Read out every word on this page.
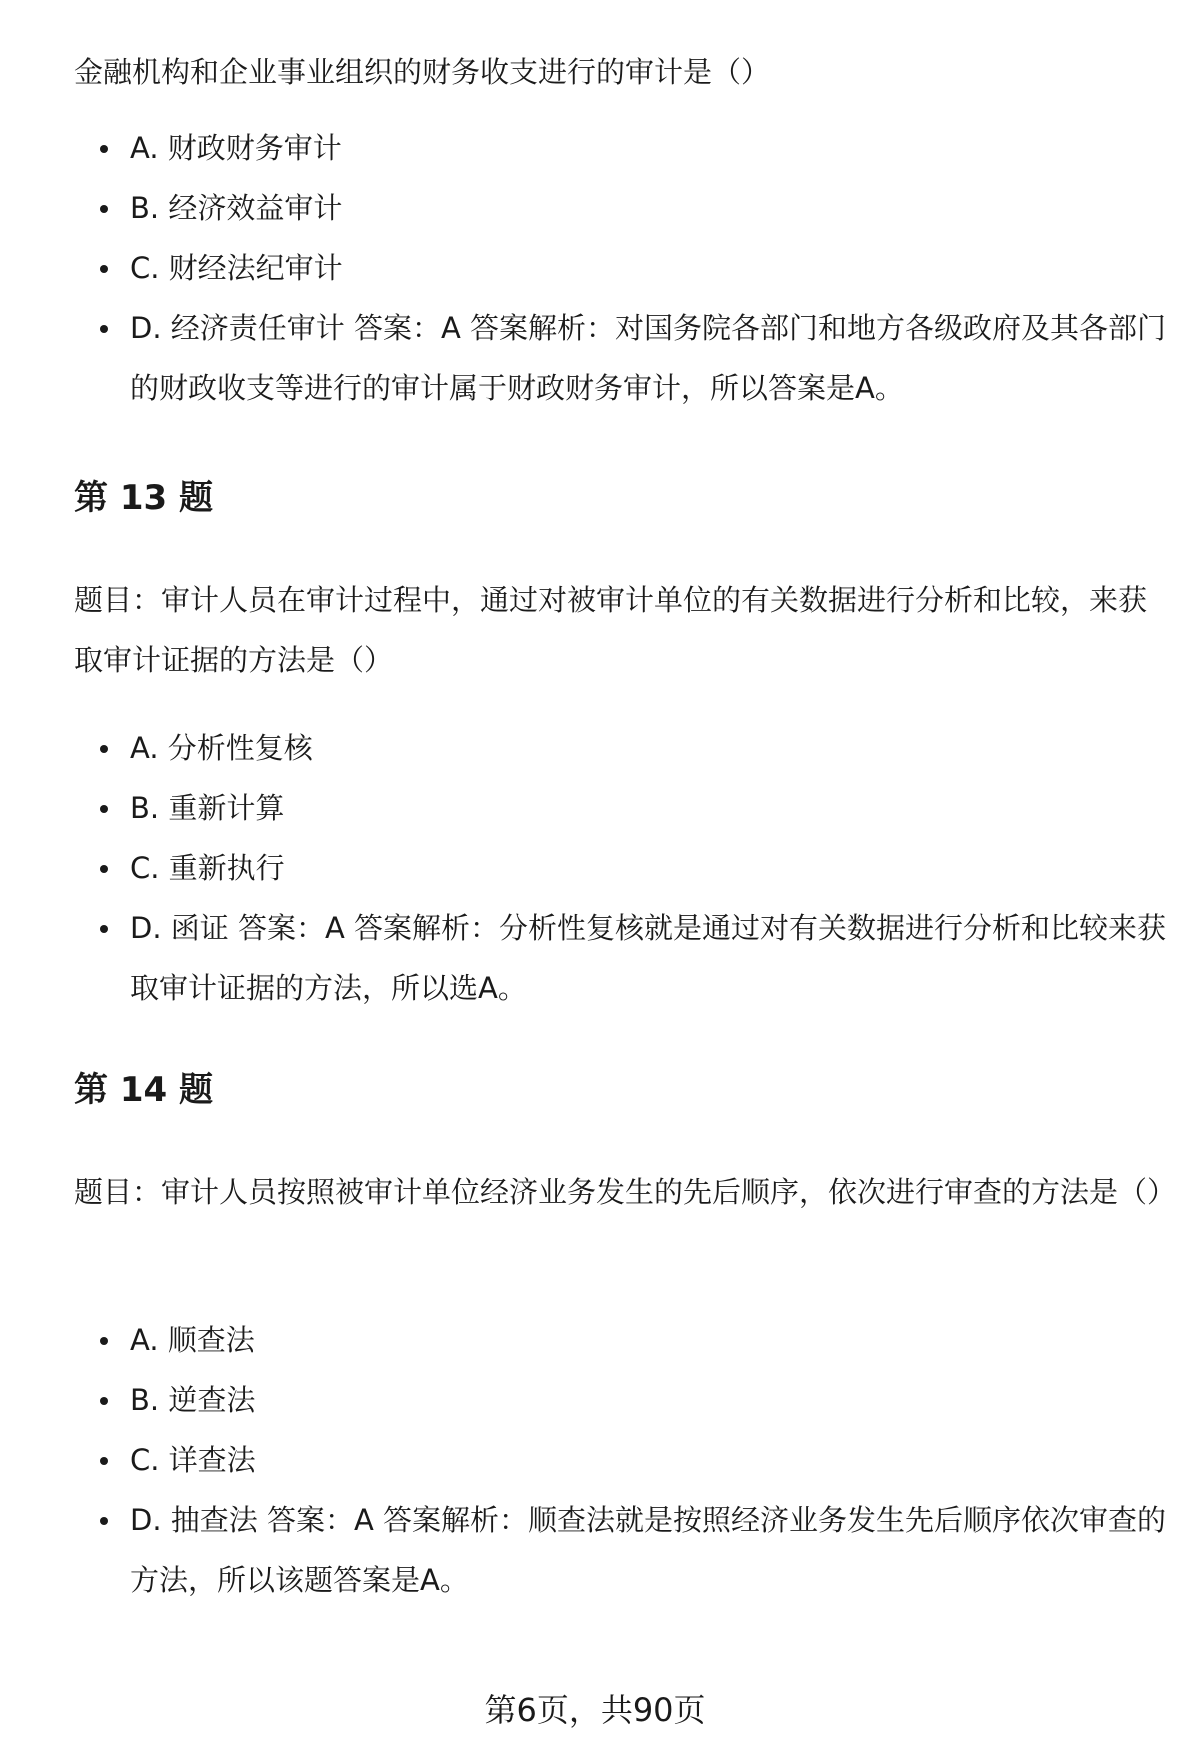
金融机构和企业事业组织的财务收支进行的审计是（）

A. 财政财务审计
B. 经济效益审计
C. 财经法纪审计
D. 经济责任审计 答案：A 答案解析：对国务院各部门和地方各级政府及其各部门的财政收支等进行的审计属于财政财务审计，所以答案是A。
第 13 题

题目：审计人员在审计过程中，通过对被审计单位的有关数据进行分析和比较，来获取审计证据的方法是（）

A. 分析性复核
B. 重新计算
C. 重新执行
D. 函证 答案：A 答案解析：分析性复核就是通过对有关数据进行分析和比较来获取审计证据的方法，所以选A。
第 14 题

题目：审计人员按照被审计单位经济业务发生的先后顺序，依次进行审查的方法是（）

A. 顺查法
B. 逆查法
C. 详查法
D. 抽查法 答案：A 答案解析：顺查法就是按照经济业务发生先后顺序依次审查的方法，所以该题答案是A。
第6页，共90页
